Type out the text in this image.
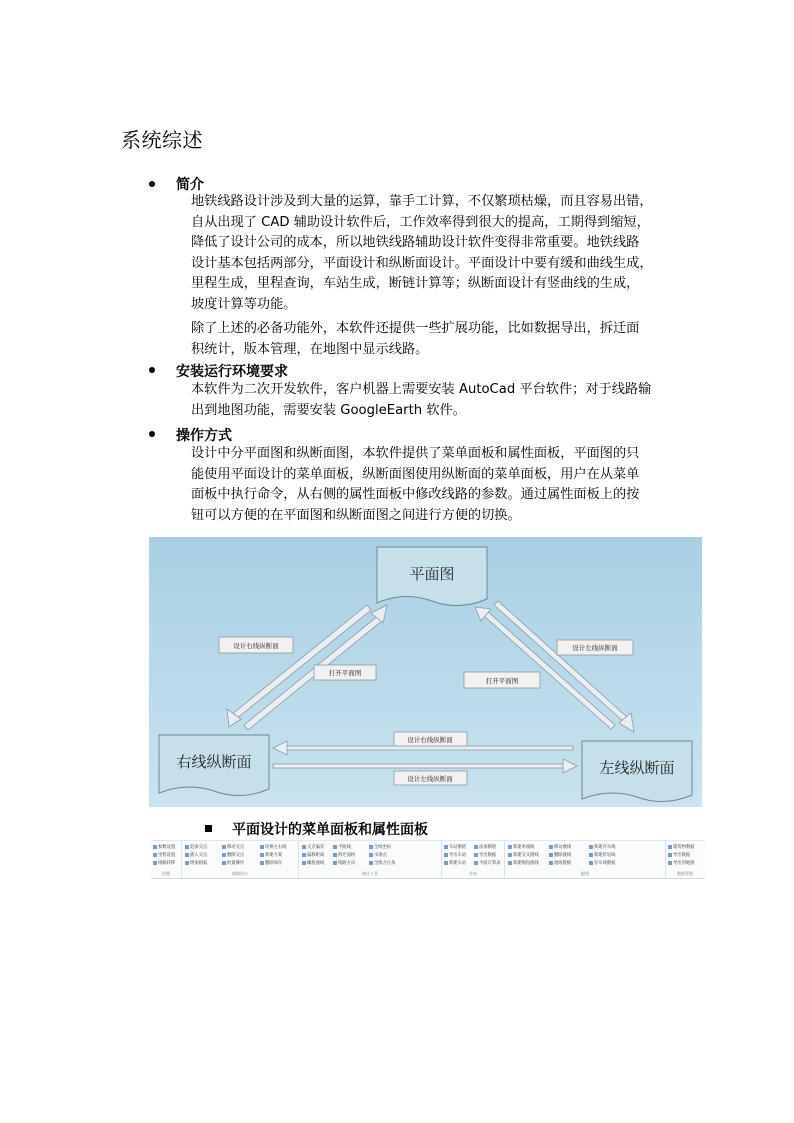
系统综述
简介
地铁线路设计涉及到大量的运算，靠手工计算，不仅繁琐枯燥，而且容易出错，
自从出现了 CAD 辅助设计软件后，工作效率得到很大的提高，工期得到缩短，
降低了设计公司的成本，所以地铁线路辅助设计软件变得非常重要。地铁线路
设计基本包括两部分，平面设计和纵断面设计。平面设计中要有缓和曲线生成，
里程生成，里程查询，车站生成，断链计算等；纵断面设计有竖曲线的生成，
坡度计算等功能。
除了上述的必备功能外，本软件还提供一些扩展功能，比如数据导出，拆迁面
积统计，版本管理，在地图中显示线路。
安装运行环境要求
本软件为二次开发软件，客户机器上需要安装 AutoCad 平台软件；对于线路输
出到地图功能，需要安装 GoogleEarth 软件。
操作方式
设计中分平面图和纵断面图，本软件提供了菜单面板和属性面板，平面图的只
能使用平面设计的菜单面板，纵断面图使用纵断面的菜单面板，用户在从菜单
面板中执行命令，从右侧的属性面板中修改线路的参数。通过属性面板上的按
钮可以方便的在平面图和纵断面图之间进行方便的切换。
平面图
右线纵断面	左线纵断面
设计右线纵断面
打开平面图
设计左线纵断面
打开平面图
设计右线纵断面
设计左线纵断面
平面设计的菜单面板和属性面板
参数设置
里程设置
线路转移
设置
追加交点
插入交点
增加圆弧
移动交点
删除交点
批量操作
切换左右线
新建方案
删除保存
线路设计
交点偏差
偏移距离
螺旋曲线
平曲线
拆迁面积
线路方向
全线坐标
水准点
全线方位角
统计工具
车站断链
导出车站
新建车站
添加断链
导出数据
平面计算表
车站
新建单渡线
新建交叉渡线
新建缩短渡线
移动渡线
删除渡线
渡线数据
新建存车线
新建折返线
存车线数据
配线
建筑物数据
导出数据
导出到地图
数据管理
